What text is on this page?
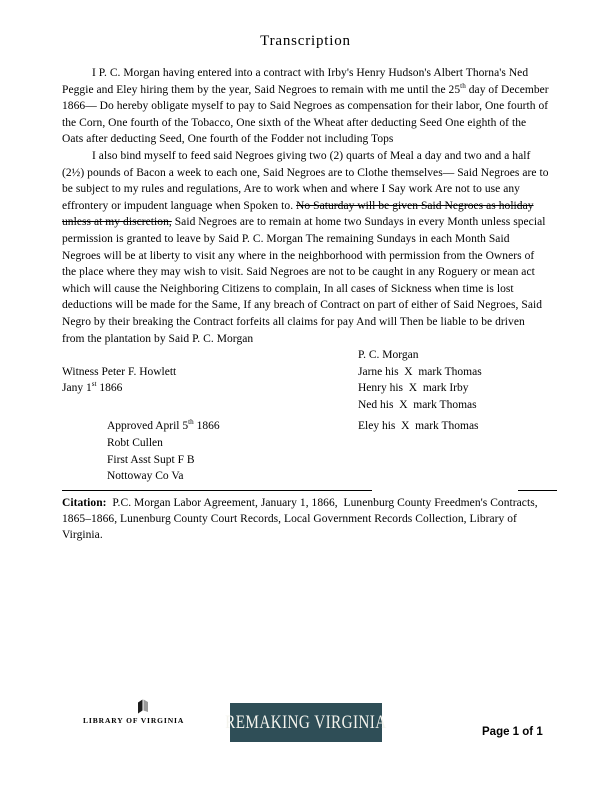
Transcription

I P. C. Morgan having entered into a contract with Irby's Henry Hudson's Albert Thorna's Ned Peggie and Eley hiring them by the year, Said Negroes to remain with me until the 25th day of December 1866— Do hereby obligate myself to pay to Said Negroes as compensation for their labor, One fourth of the Corn, One fourth of the Tobacco, One sixth of the Wheat after deducting Seed One eighth of the Oats after deducting Seed, One fourth of the Fodder not including Tops

I also bind myself to feed said Negroes giving two (2) quarts of Meal a day and two and a half (2½) pounds of Bacon a week to each one, Said Negroes are to Clothe themselves— Said Negroes are to be subject to my rules and regulations, Are to work when and where I Say work Are not to use any effrontery or impudent language when Spoken to. No Saturday will be given Said Negroes as holiday unless at my discretion, Said Negroes are to remain at home two Sundays in every Month unless special permission is granted to leave by Said P. C. Morgan The remaining Sundays in each Month Said Negroes will be at liberty to visit any where in the neighborhood with permission from the Owners of the place where they may wish to visit. Said Negroes are not to be caught in any Roguery or mean act which will cause the Neighboring Citizens to complain, In all cases of Sickness when time is lost deductions will be made for the Same, If any breach of Contract on part of either of Said Negroes, Said Negro by their breaking the Contract forfeits all claims for pay And will Then be liable to be driven from the plantation by Said P. C. Morgan

P. C. Morgan
Witness Peter F. Howlett	Jarne his  X  mark Thomas
Jany 1st 1866	Henry his  X  mark Irby
Ned his  X  mark Thomas
Approved April 5th 1866	Eley his  X  mark Thomas
Robt Cullen
First Asst Supt F B
Nottoway Co Va

Citation:  P.C. Morgan Labor Agreement, January 1, 1866,  Lunenburg County Freedmen's Contracts, 1865–1866, Lunenburg County Court Records, Local Government Records Collection, Library of Virginia.

LIBRARY OF VIRGINIA REMAKING VIRGINIA	Page 1 of 1
